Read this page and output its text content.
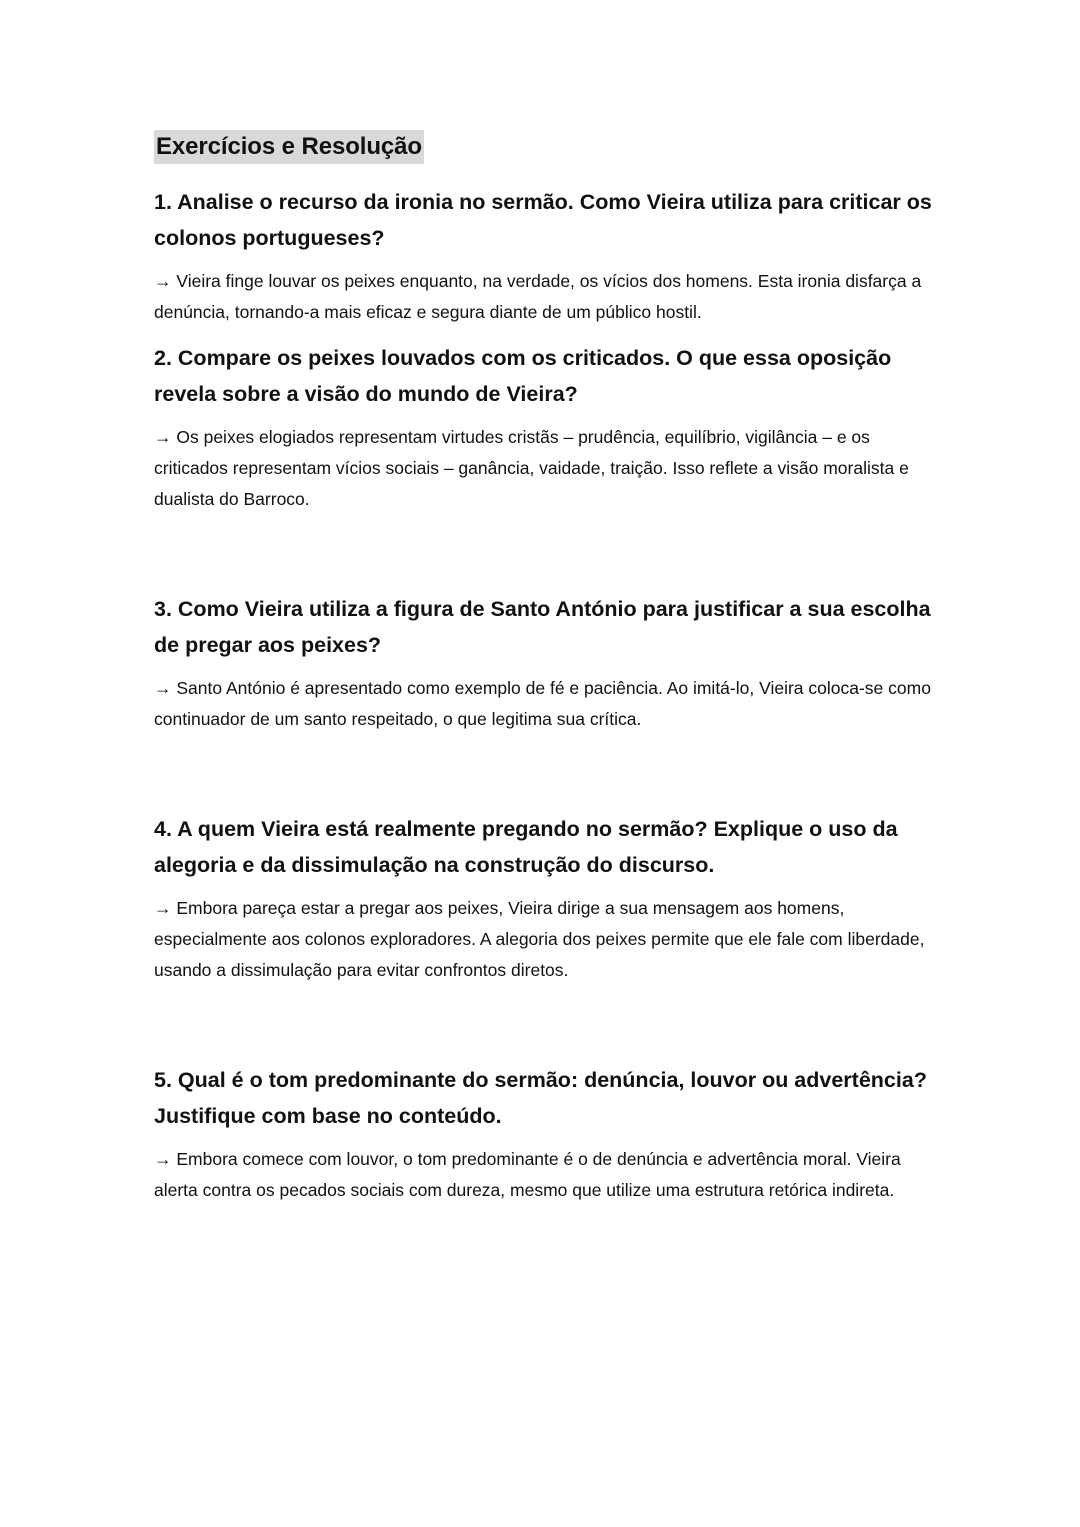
Exercícios e Resolução

1. Analise o recurso da ironia no sermão. Como Vieira utiliza para criticar os colonos portugueses?

→ Vieira finge louvar os peixes enquanto, na verdade, os vícios dos homens. Esta ironia disfarça a denúncia, tornando-a mais eficaz e segura diante de um público hostil.

2. Compare os peixes louvados com os criticados. O que essa oposição revela sobre a visão do mundo de Vieira?

→ Os peixes elogiados representam virtudes cristãs – prudência, equilíbrio, vigilância – e os criticados representam vícios sociais – ganância, vaidade, traição. Isso reflete a visão moralista e dualista do Barroco.

3. Como Vieira utiliza a figura de Santo António para justificar a sua escolha de pregar aos peixes?

→ Santo António é apresentado como exemplo de fé e paciência. Ao imitá-lo, Vieira coloca-se como continuador de um santo respeitado, o que legitima sua crítica.

4. A quem Vieira está realmente pregando no sermão? Explique o uso da alegoria e da dissimulação na construção do discurso.

→ Embora pareça estar a pregar aos peixes, Vieira dirige a sua mensagem aos homens, especialmente aos colonos exploradores. A alegoria dos peixes permite que ele fale com liberdade, usando a dissimulação para evitar confrontos diretos.

5. Qual é o tom predominante do sermão: denúncia, louvor ou advertência? Justifique com base no conteúdo.

→ Embora comece com louvor, o tom predominante é o de denúncia e advertência moral. Vieira alerta contra os pecados sociais com dureza, mesmo que utilize uma estrutura retórica indireta.
